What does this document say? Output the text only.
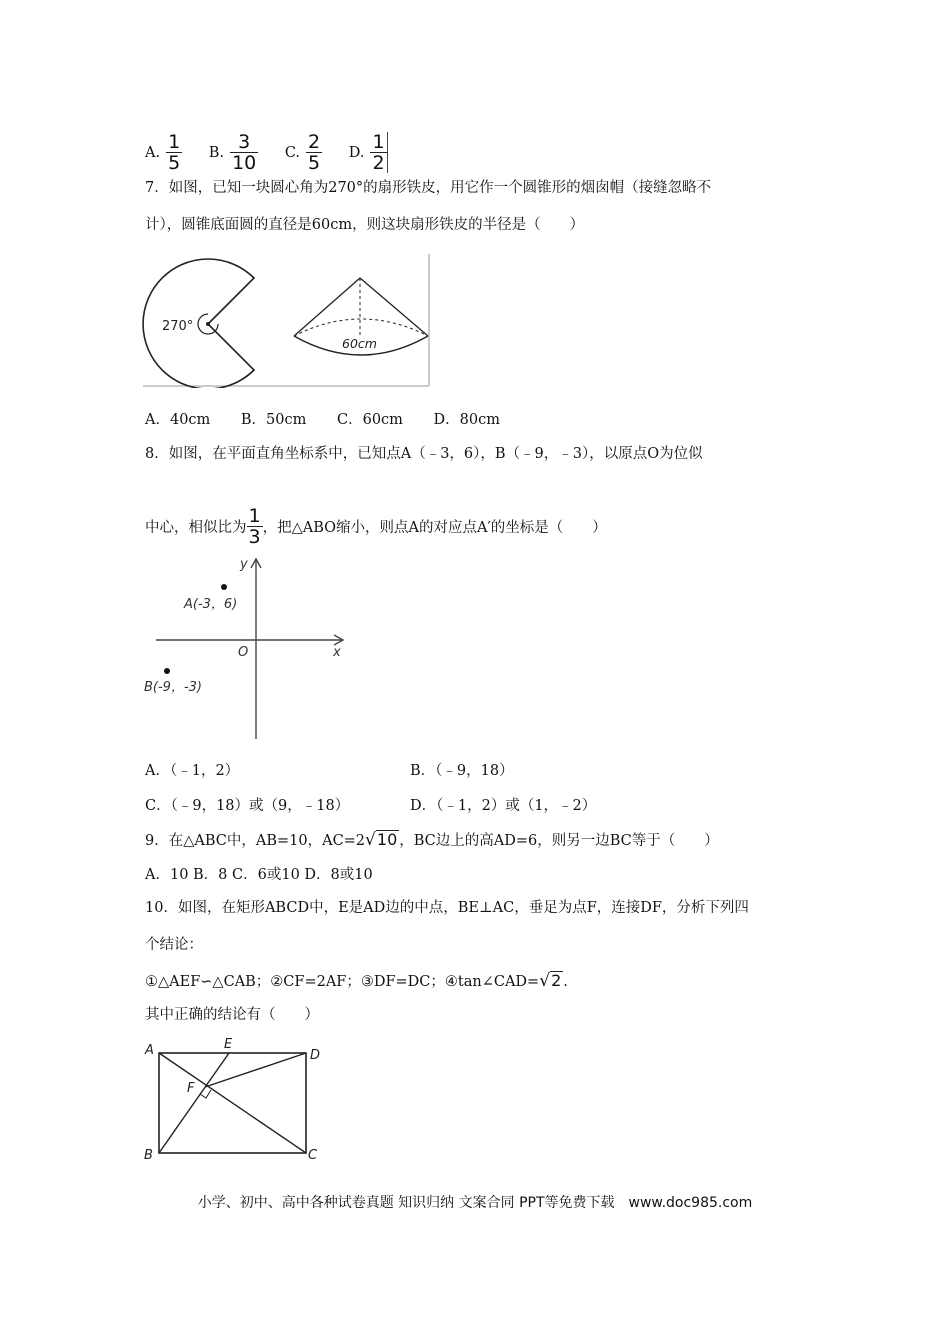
A. $\frac{1}{5} B$. $\frac{3}{10} C$. $\frac{2}{5} D$. $\frac{1}{2}$
7．如图，已知一块圆心角为270°的扇形铁皮，用它作一个圆锥形的烟囱帽（接缝忽略不
计），圆锥底面圆的直径是60cm，则这块扇形铁皮的半径是（　　）
270°
60cm
A．40cm B．50cm C．60cm D．80cm
8．如图，在平面直角坐标系中，已知点A（﹣3，6），B（﹣9，﹣3），以原点O为位似
中心，相似比为 $\frac{1}{3}$ ，把△ABO缩小，则点A的对应点A′的坐标是（　　）
y
x
O
A(-3，6)
B(-9，-3)
A．（﹣1，2）	B．（﹣9，18）
C．（﹣9，18）或（9，﹣18）	D．（﹣1，2）或（1，﹣2）
9．在△ABC中，AB=10，AC=2√10 ，BC边上的高AD=6，则另一边BC等于（　　）
A．10 B．8 C．6或10 D．8或10
10．如图，在矩形ABCD中，E是AD边的中点，BE⊥AC，垂足为点F，连接DF，分析下列四
个结论：
①△AEF∽△CAB；②CF=2AF；③DF=DC；④tan∠CAD=√2 .
其中正确的结论有（　　）
A	E
D
F
B	C
小学、初中、高中各种试卷真题 知识归纳 文案合同 PPT等免费下载　www.doc985.com
